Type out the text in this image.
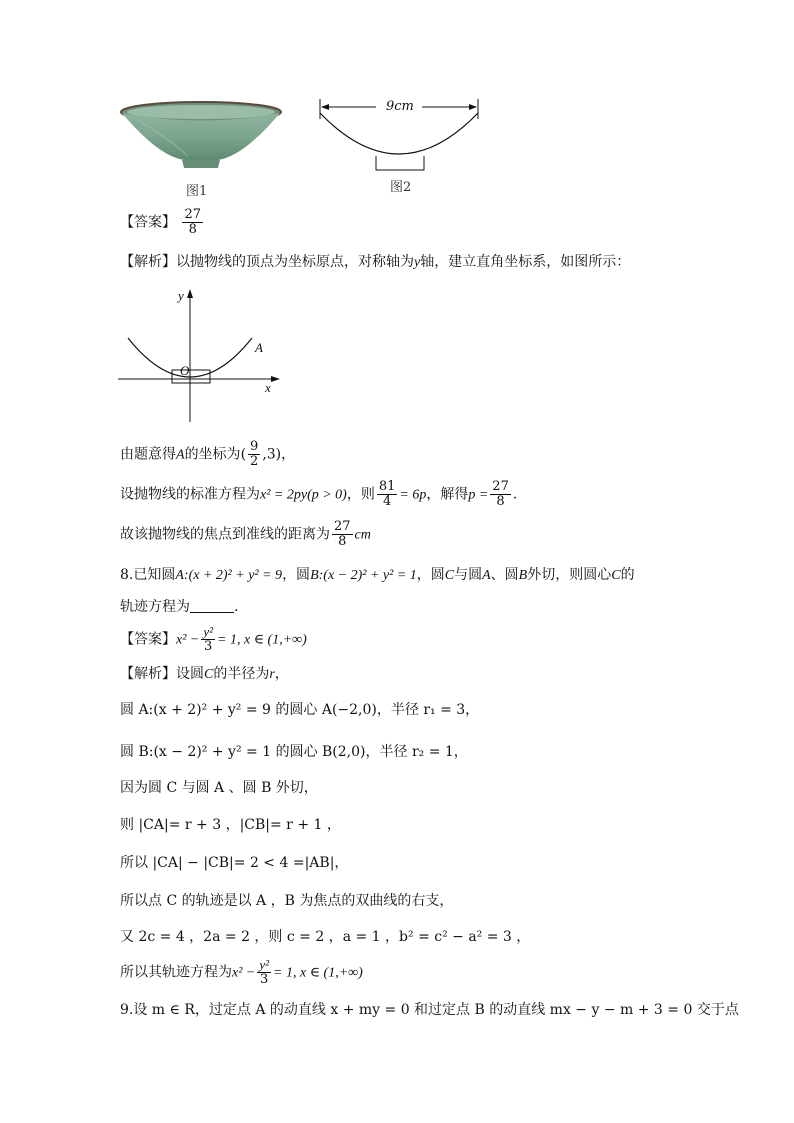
图1
9cm
图2
【答案】 $\frac{27}{8}$
【解析】以抛物线的顶点为坐标原点，对称轴为y轴，建立直角坐标系，如图所示：
y
x
O
A
由题意得A的坐标为( $\frac{9}{2} ,3$)，
设抛物线的标准方程为x² = 2py(p > 0)，则 $\frac{81}{4} = 6p$，解得$p = \frac{27}{8}$ .
故该抛物线的焦点到准线的距离为 $\frac{27}{8}$ cm
8.已知圆A:(x + 2)² + y² = 9，圆B:(x − 2)² + y² = 1，圆C与圆A、圆B外切，则圆心C的
轨迹方程为	.
【答案】$x^2 - \frac{\text{y²}}{3} = 1$, x ∈ (1,+∞)
【解析】设圆C的半径为r，
圆 A:(x + 2)² + y² = 9 的圆心 A(−2,0)，半径 r₁ = 3，
圆 B:(x − 2)² + y² = 1 的圆心 B(2,0)，半径 r₂ = 1，
因为圆 C 与圆 A 、圆 B 外切，
则 |CA|= r + 3 ，|CB|= r + 1 ，
所以 |CA| − |CB|= 2 < 4 =|AB|，
所以点 C 的轨迹是以 A ，B 为焦点的双曲线的右支，
又 2c = 4 ，2a = 2 ，则 c = 2 ，a = 1 ，b² = c² − a² = 3 ，
所以其轨迹方程为$x^2 - \frac{\text{y²}}{3} = 1$, x ∈ (1,+∞)
9.设 m ∈ R，过定点 A 的动直线 x + my = 0 和过定点 B 的动直线 mx − y − m + 3 = 0 交于点
